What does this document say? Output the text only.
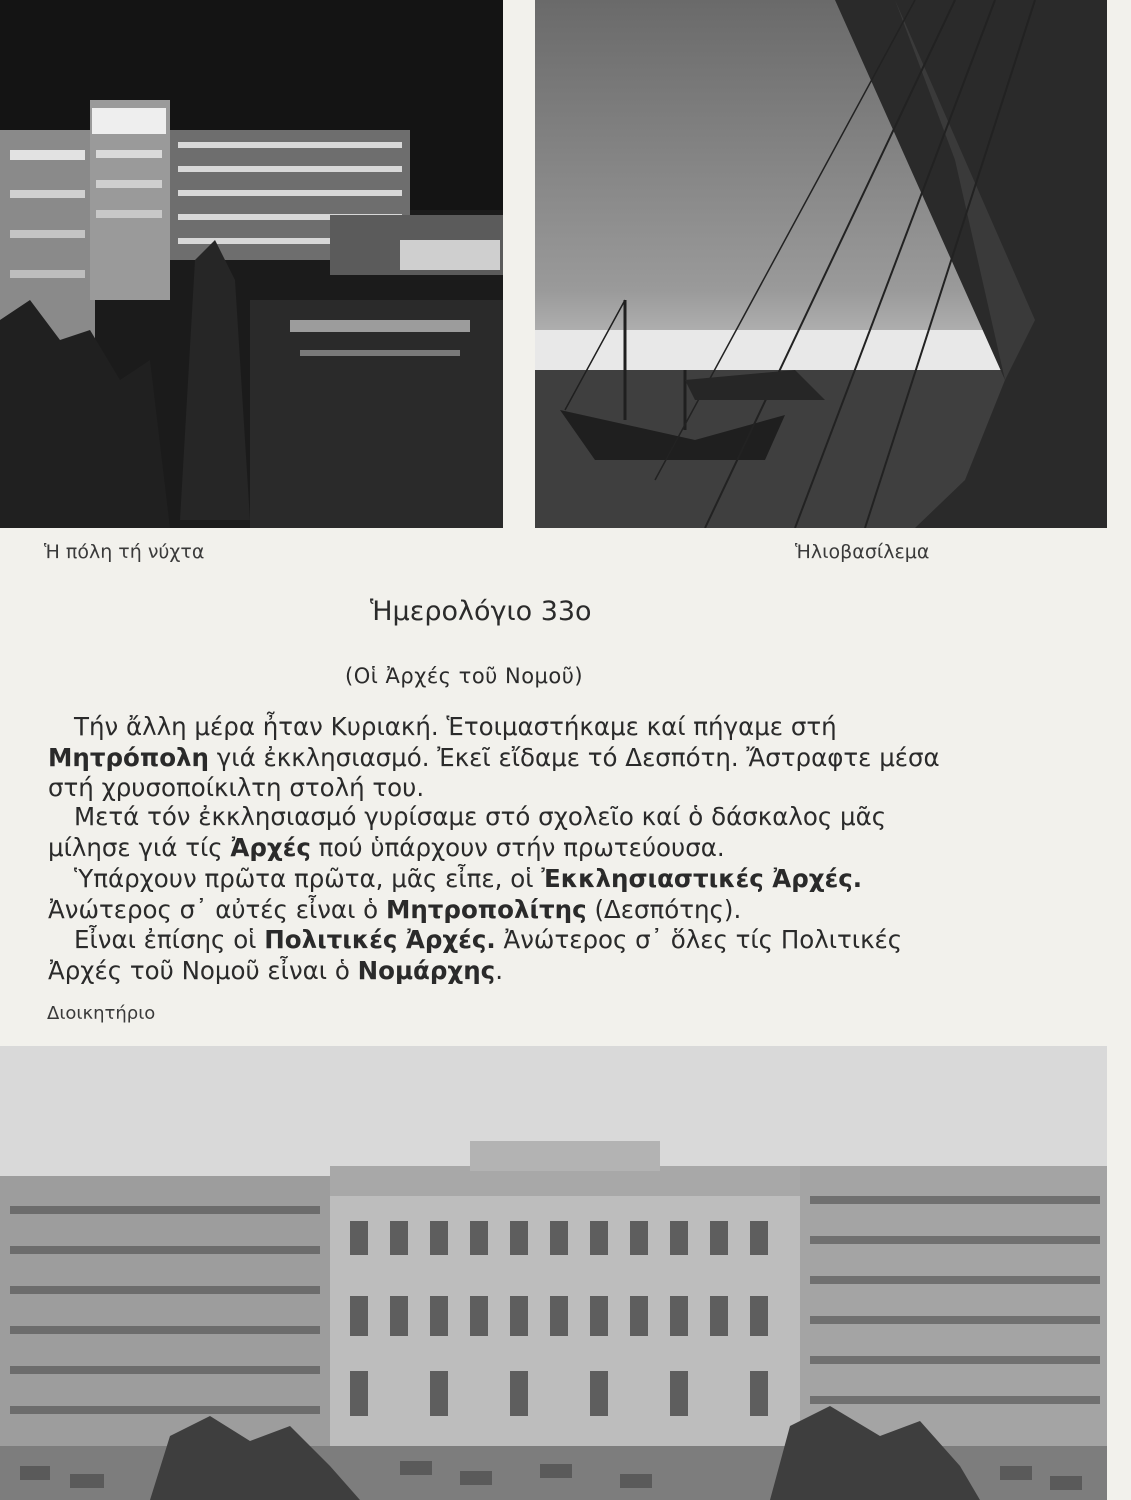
Ἡ πόλη τή νύχτα	Ἡλιοβασίλεμα
Ἡμερολόγιο 33ο
(Οἱ Ἀρχές τοῦ Νομοῦ)
Τήν ἄλλη μέρα ἦταν Κυριακή. Ἑτοιμαστήκαμε καί πήγαμε στή Μητρόπολη γιά ἐκκλησιασμό. Ἐκεῖ εἴδαμε τό Δεσπότη. Ἄστραφτε μέσα στή χρυσοποίκιλτη στολή του.
Μετά τόν ἐκκλησιασμό γυρίσαμε στό σχολεῖο καί ὁ δάσκαλος μᾶς μίλησε γιά τίς Ἀρχές πού ὑπάρχουν στήν πρωτεύουσα.
Ὑπάρχουν πρῶτα πρῶτα, μᾶς εἶπε, οἱ Ἐκκλησιαστικές Ἀρχές. Ἀνώτερος σ᾿ αὐτές εἶναι ὁ Μητροπολίτης (Δεσπότης).
Εἶναι ἐπίσης οἱ Πολιτικές Ἀρχές. Ἀνώτερος σ᾿ ὅλες τίς Πολιτικές Ἀρχές τοῦ Νομοῦ εἶναι ὁ Νομάρχης.
Διοικητήριο
